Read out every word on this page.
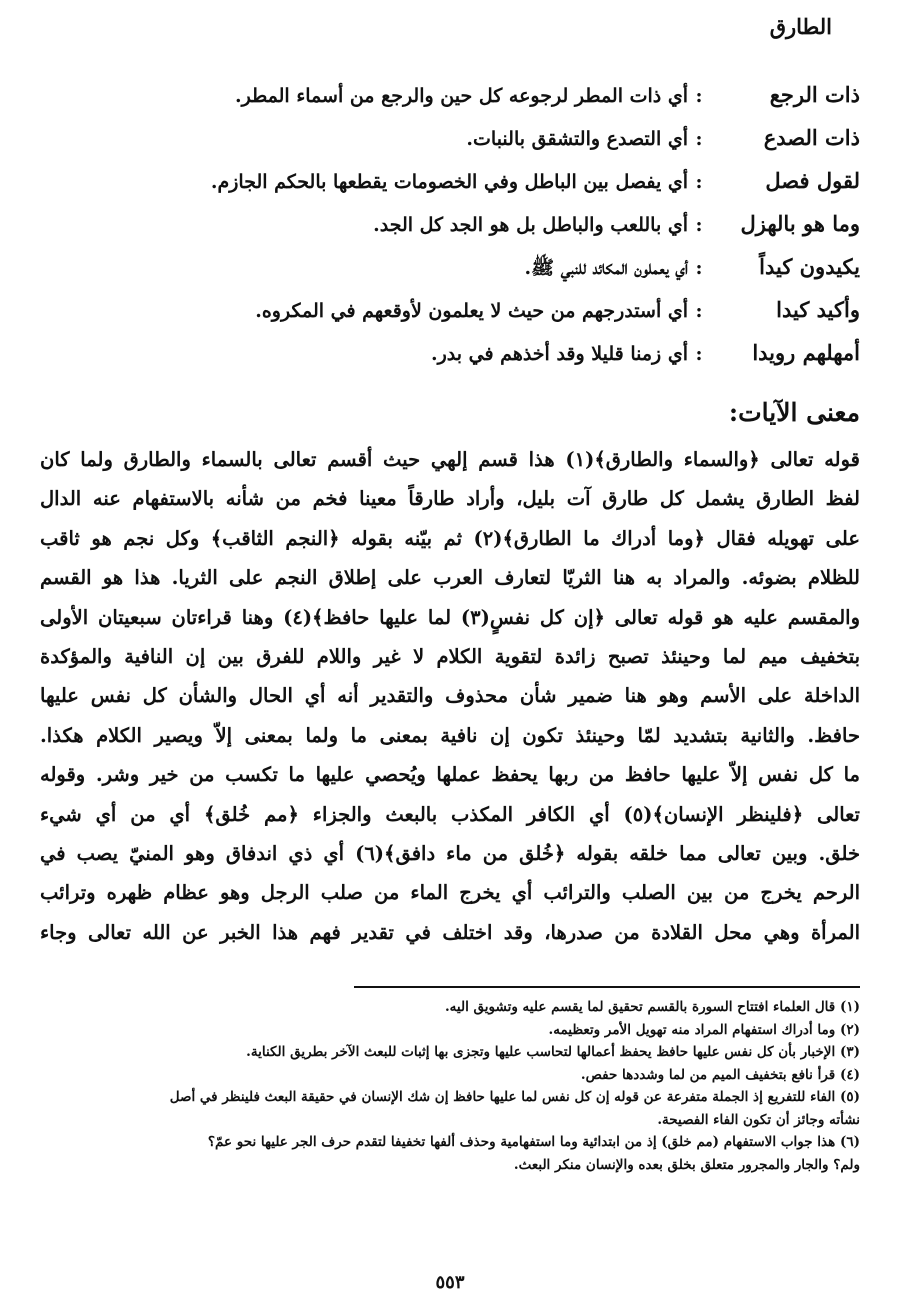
الطارق
ذات الرجع
:
أي ذات المطر لرجوعه كل حين والرجع من أسماء المطر.
ذات الصدع
:
أي التصدع والتشقق بالنبات.
لقول فصل
:
أي يفصل بين الباطل وفي الخصومات يقطعها بالحكم الجازم.
وما هو بالهزل
:
أي باللعب والباطل بل هو الجد كل الجد.
يكيدون كيداً
:
أي يعملون المكائد للنبي ﷺ.
وأكيد كيدا
:
أي أستدرجهم من حيث لا يعلمون لأوقعهم في المكروه.
أمهلهم رويدا
:
أي زمنا قليلا وقد أخذهم في بدر.
معنى الآيات:
قوله تعالى ﴿والسماء والطارق﴾(١) هذا قسم إلهي حيث أقسم تعالى بالسماء والطارق ولما كان
لفظ الطارق يشمل كل طارق آت بليل، وأراد طارقاً معينا فخم من شأنه بالاستفهام عنه الدال
على تهويله فقال ﴿وما أدراك ما الطارق﴾(٢) ثم بيّنه بقوله ﴿النجم الثاقب﴾ وكل نجم هو ثاقب
للظلام بضوئه. والمراد به هنا الثريّا لتعارف العرب على إطلاق النجم على الثريا. هذا هو القسم
والمقسم عليه هو قوله تعالى ﴿إن كل نفسٍ(٣) لما عليها حافظ﴾(٤) وهنا قراءتان سبعيتان الأولى
بتخفيف ميم لما وحينئذ تصبح زائدة لتقوية الكلام لا غير واللام للفرق بين إن النافية والمؤكدة
الداخلة على الأسم وهو هنا ضمير شأن محذوف والتقدير أنه أي الحال والشأن كل نفس عليها
حافظ. والثانية بتشديد لمّا وحينئذ تكون إن نافية بمعنى ما ولما بمعنى إلاّ ويصير الكلام هكذا.
ما كل نفس إلاّ عليها حافظ من ربها يحفظ عملها ويُحصي عليها ما تكسب من خير وشر. وقوله
تعالى ﴿فلينظر الإنسان﴾(٥) أي الكافر المكذب بالبعث والجزاء ﴿مم خُلق﴾ أي من أي شيء
خلق. وبين تعالى مما خلقه بقوله ﴿خُلق من ماء دافق﴾(٦) أي ذي اندفاق وهو المنيّ يصب في
الرحم يخرج من بين الصلب والترائب أي يخرج الماء من صلب الرجل وهو عظام ظهره وترائب
المرأة وهي محل القلادة من صدرها، وقد اختلف في تقدير فهم هذا الخبر عن الله تعالى وجاء
(١) قال العلماء افتتاح السورة بالقسم تحقيق لما يقسم عليه وتشويق اليه.
(٢) وما أدراك استفهام المراد منه تهويل الأمر وتعظيمه.
(٣) الإخبار بأن كل نفس عليها حافظ يحفظ أعمالها لتحاسب عليها وتجزى بها إثبات للبعث الآخر بطريق الكناية.
(٤) قرأ نافع بتخفيف الميم من لما وشددها حفص.
(٥) الفاء للتفريع إذ الجملة متفرعة عن قوله إن كل نفس لما عليها حافظ إن شك الإنسان في حقيقة البعث فلينظر في أصل
نشأته وجائز أن تكون الفاء الفصيحة.
(٦) هذا جواب الاستفهام (مم خلق) إذ من ابتدائية وما استفهامية وحذف ألفها تخفيفا لتقدم حرف الجر عليها نحو عمّ؟
ولم؟ والجار والمجرور متعلق بخلق بعده والإنسان منكر البعث.
٥٥٣
